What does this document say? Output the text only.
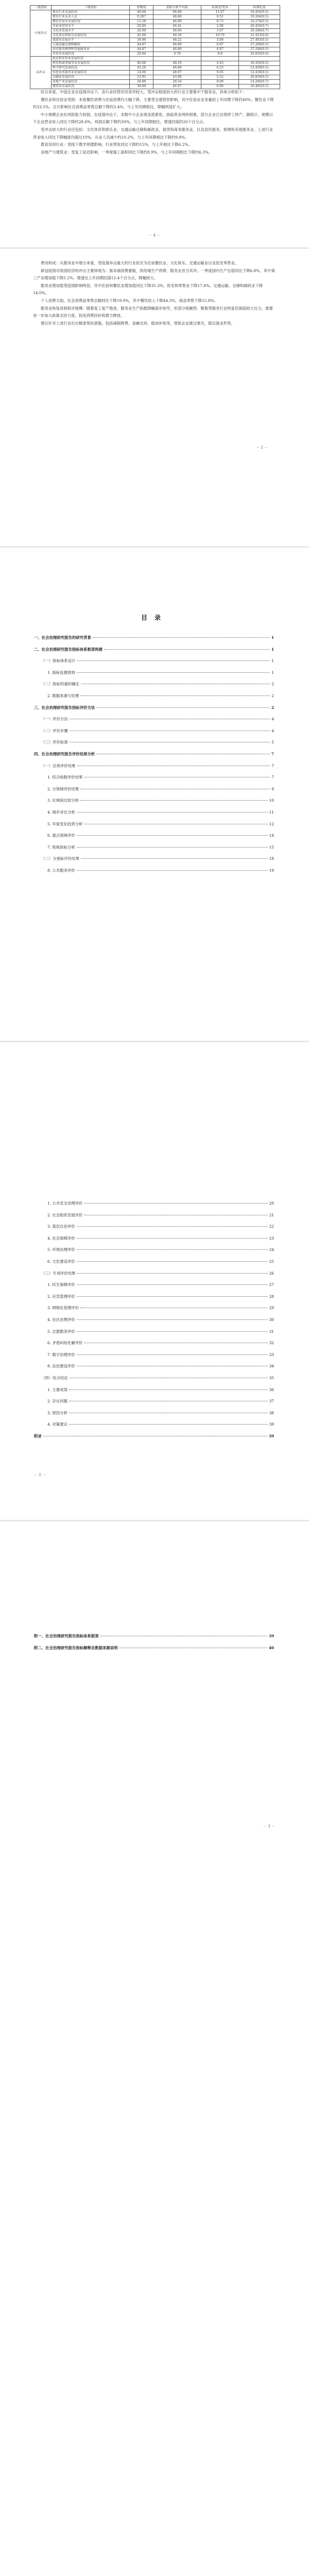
一级指标	三级指标	指数值	指标分析平均值	标准差/变异	标准化值
中度冲击	教育行业发展状况	46.08	66.80	11.07	10.456(0.5)
	教育行业从业人员	0.287	46.80	0.51	10.264(0.5)
	餐饮住宿业发展状况	11.28	46.80	8.73	10.278(0.5)
	住宿业经营水平	20.86	46.41	2.98	20.456(0.7)
	文化业发展水平	20.09	46.84	3.07	20.286(0.7)
	文化体育和娱乐发展状况	42.06	46.56	10.79	21.453(0.6)
	旅游业发展水平	36.86	48.22	3.08	27.463(0.5)
	交通运输仓储和邮政	44.87	46.80	6.87	27.206(0.5)
	居民服务修理和其他服务业	44.87	46.80	6.87	27.206(0.5)
	零售业发展状况	20.94	0.79	6.8	20.856(0.6)
高冲击	批发和零售业发展状况				
	租赁和商务服务业发展状况	46.08	48.19	4.43	10.456(0.5)
	科学研究发展状况	43.26	46.80	6.23	13.458(0.5)
	信息技术服务业发展状况	24.06	48.97	9.05	12.438(0.5)
	金融业发展状况	23.95	43.98	5.52	20.836(0.5)
	房地产业发展状况	28.88	26.54	8.09	14.206(0.7)
	建筑业发展状况	36.98	46.97	0.96	10.485(0.5)

综合来看，中国企业在疫情冲击下，各行业经营状况差异较大。受冲击程度较大的行业主要集中于服务业，具体分析如下：

餐饮业和住宿业受损：本地餐饮消费与住宿消费均大幅下降，主要受交通管控影响，其中住宿业业务量较上年同期下降约40%，餐饮业下降约33.5%，合计影响社会消费品零售总额下降约3.4%，与上年同期相比，降幅明显扩大。

中小规模企业抗风险能力较弱，在疫情冲击下，多数中小企业现金流紧张，面临资金周转困难，部分企业已出现停工停产。据统计，规模以下企业营业收入同比下降约28.6%，利润总额下降约30%，与上年同期相比，增速回落约20个百分点。

受冲击较大的行业还包括：文化体育和娱乐业，交通运输仓储和邮政业，租赁和商务服务业，以及居民服务、修理和其他服务业。上述行业营业收入同比下降幅度均超过10%，从业人员减少约10.2%，与上年同期相比下降约9.8%。

教育培训行业：受线下教学停摆影响，行业营收同比下降约15%，与上年相比下降6.2%。

房地产与建筑业：受复工延迟影响，一季度施工面积同比下降约8.9%，与上年同期相比下降约6.3%。

－ 4 －

费用构成：从服务业中细分来看，受疫情冲击最大的行业依次为住宿餐饮业、文化娱乐、交通运输业以及批发零售业。

新冠疫情对我国经济的冲击主要体现为：需求端消费萎缩，供给端生产停滞，服务业首当其冲。一季度国内生产总值同比下降6.8%，其中第三产业增加值下降5.2%，增速比上年同期回落12.4个百分点，降幅较大。

服务业增加值受疫情影响明显，其中住宿和餐饮业增加值同比下降35.3%，批发和零售业下降17.8%，交通运输、仓储和邮政业下降14.0%。

个人消费方面，社会消费品零售总额同比下降19.0%，其中餐饮收入下降44.3%，商品零售下降15.8%。

服务业恢复进程相对缓慢：随着复工复产推进，服务业生产指数降幅逐步收窄，但部分接触型、聚集型服务行业恢复仍面临较大压力，需要进一步加大政策支持力度，促进消费回补和潜力释放。

建议针对上述行业出台精准帮扶措施，包括减税降费、金融支持、稳岗补贴等，帮助企业渡过难关，稳定就业形势。

－ 5 －
目录
一、社会治理研究报告的研究背景	1
二、社会治理研究报告指标体系框架构建	1
（一）指标体系设计	1
1. 指标设置原则	1
（二）指标权重的确定	2
2. 数据来源与处理	2
三、社会治理研究报告指标评价方法	2
（一）评价方法	4
（二）评价步骤	4
（三）评价标准	5
四、社会治理研究报告评价结果分析	7
（一）总体评价结果	7
1. 综合指数评价结果	7
2. 分领域评价结果	9
3. 区域间比较分析	10
4. 城乡对比分析	11
5. 年度变化趋势分析	12
6. 重点领域评价	14
7. 短板指标分析	15
（二）分指标评价结果	18
8. 公共服务评价	19
1. 公共安全治理评价	20
2. 社会组织发展评价	21
3. 基层自治评价	22
4. 社会保障评价	23
5. 环境治理评价	24
6. 文化建设评价	25
（三）专项评价结果	26
1. 民生保障评价	27
2. 应急管理评价	28
3. 网格化管理评价	29
4. 社区治理评价	30
5. 志愿服务评价	31
6. 矛盾纠纷化解评价	32
7. 数字治理评价	33
8. 法治建设评价	34
（四）综合结论	35
1. 主要成效	36
2. 存在问题	37
3. 原因分析	38
4. 对策建议	39
附录	39
－ 2 －
附一、社会治理研究报告指标体系框架	39
附二、社会治理研究报告指标解释及数据来源说明	40
－ 3 －
